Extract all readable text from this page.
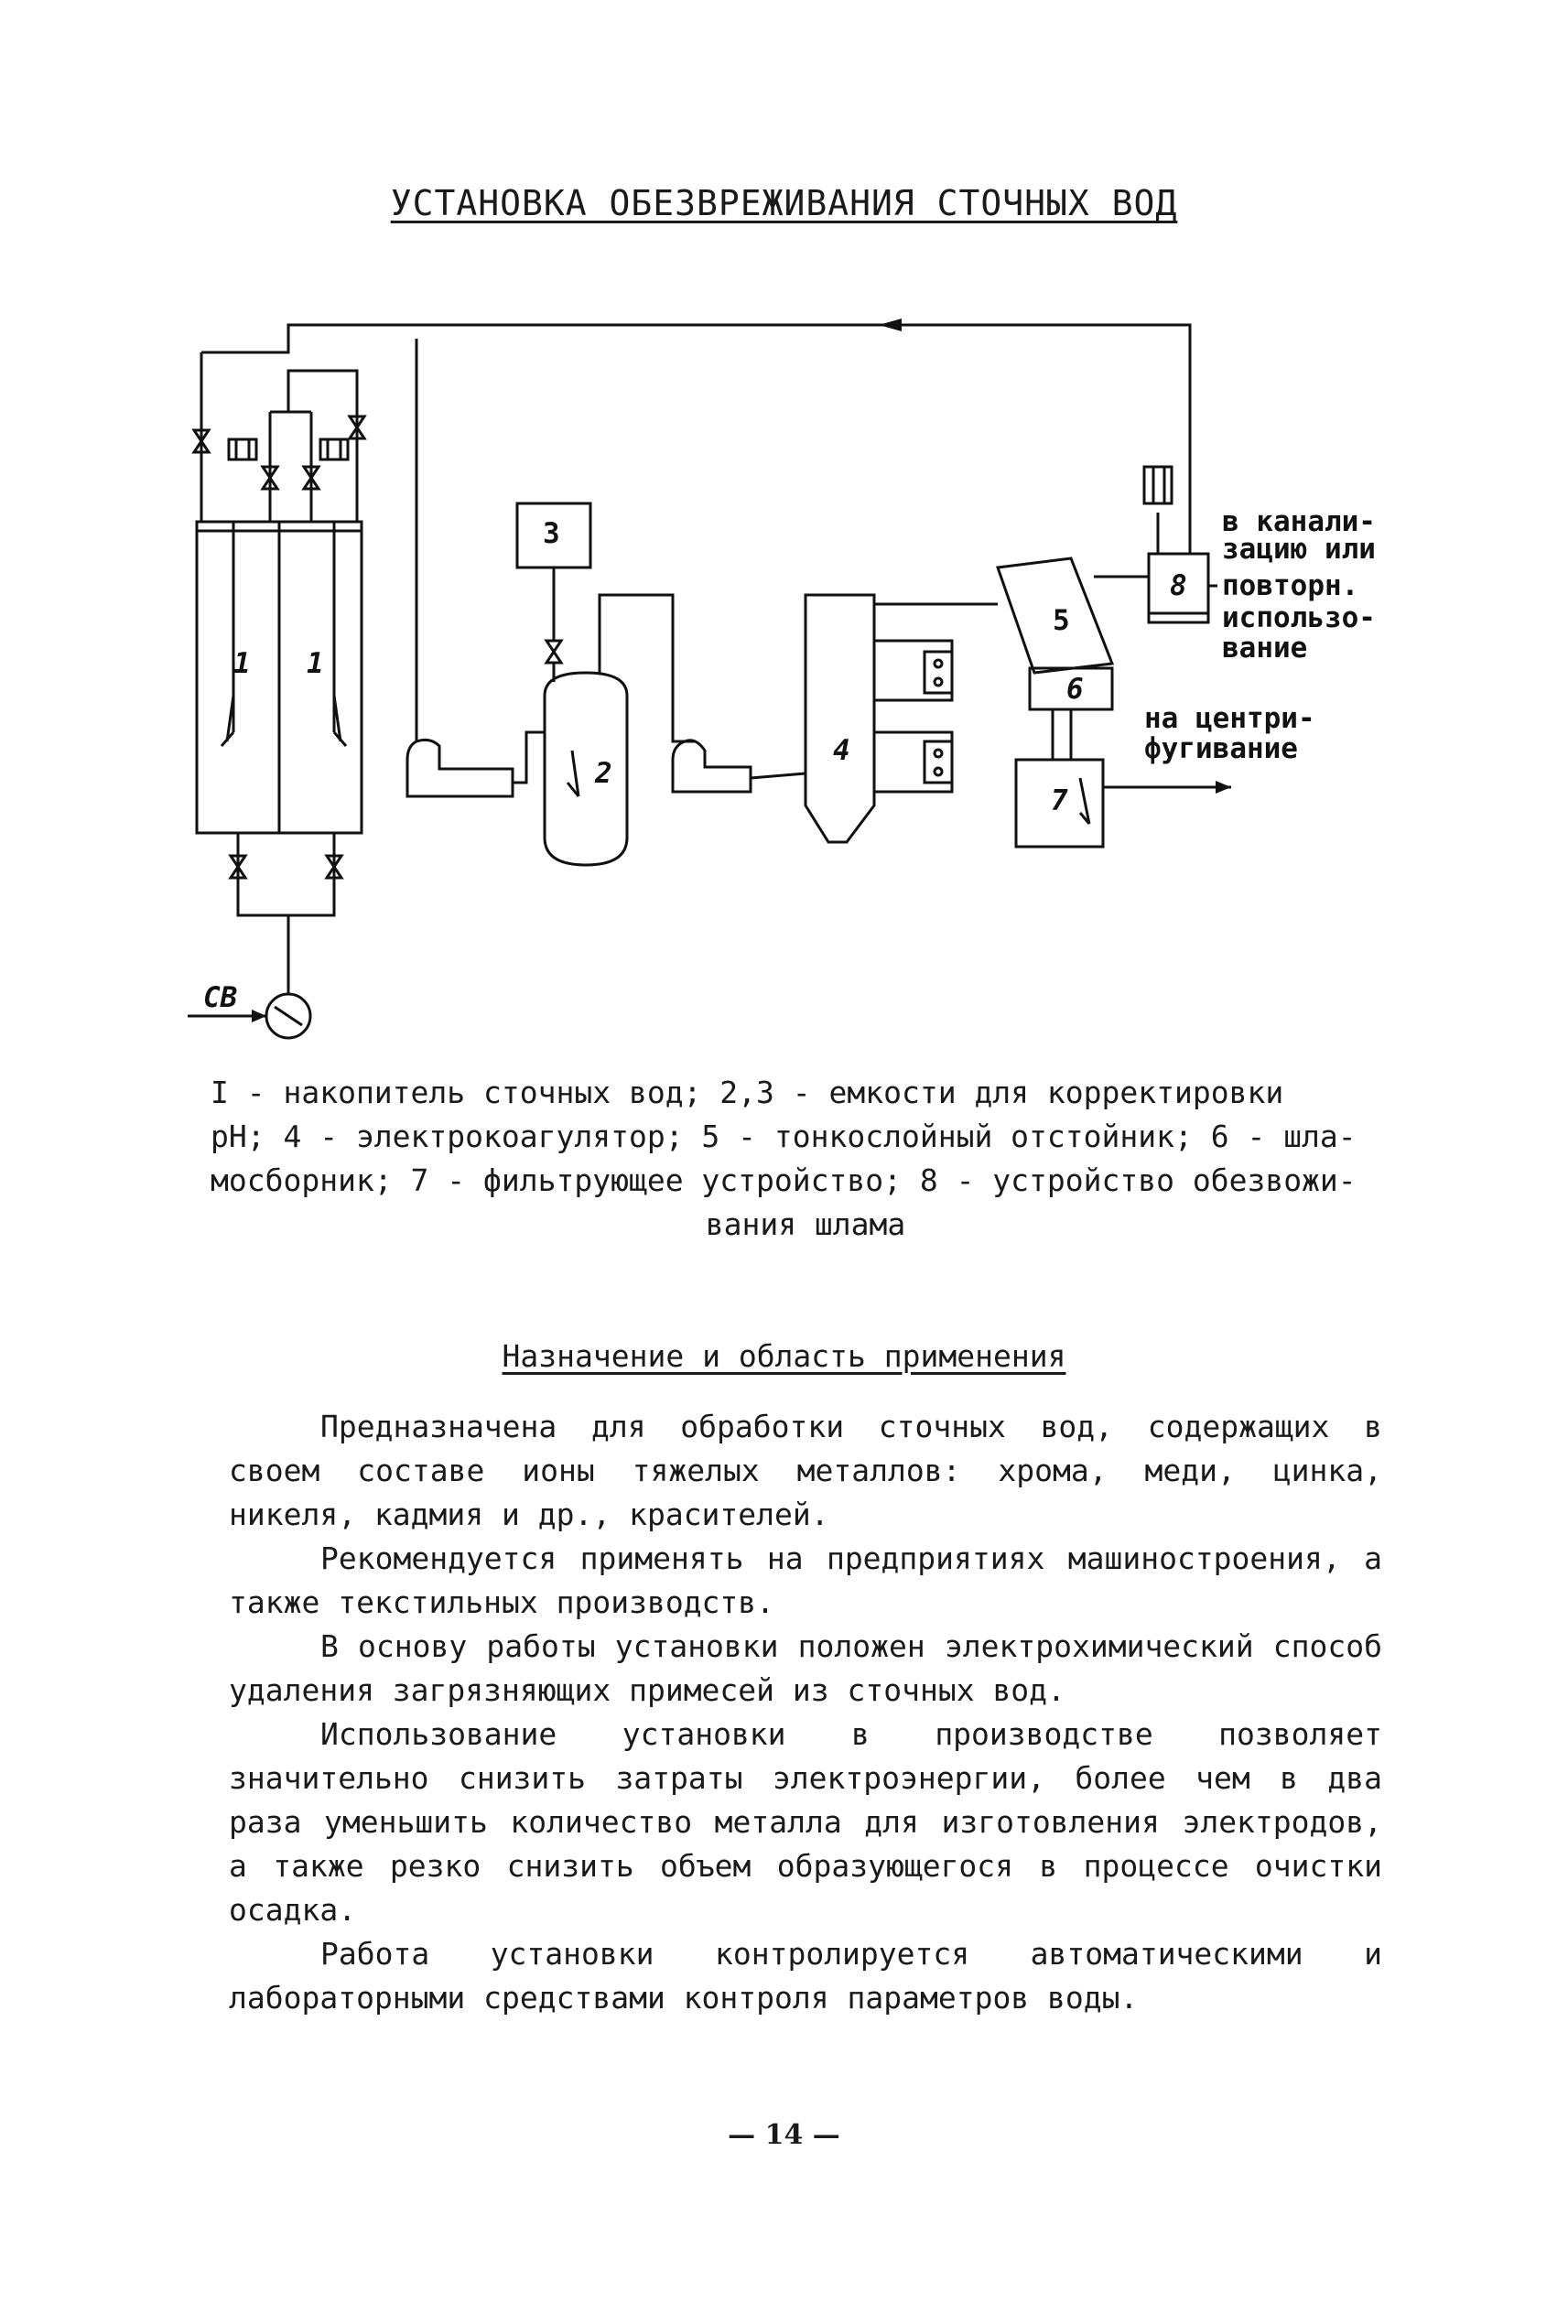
УСТАНОВКА ОБЕЗВРЕЖИВАНИЯ СТОЧНЫХ ВОД
1 1
2
3
4
5
6
7
8
СВ
в канали-
зацию или
повторн.
использо-
вание
на центри-
фугивание
I - накопитель сточных вод; 2,3 - емкости для корректировки
pH; 4 - электрокоагулятор; 5 - тонкослойный отстойник; 6 - шла-
мосборник; 7 - фильтрующее устройство; 8 - устройство обезвожи-
вания шлама
Назначение и область применения

Предназначена для обработки сточных вод, содержащих в своем составе ионы тяжелых металлов: хрома, меди, цинка, никеля, кадмия и др., красителей.

Рекомендуется применять на предприятиях машиностроения, а также текстильных производств.

В основу работы установки положен электрохимический способ удаления загрязняющих примесей из сточных вод.

Использование установки в производстве позволяет значительно снизить затраты электроэнергии, более чем в два раза уменьшить количество металла для изготовления электродов, а также резко снизить объем образующегося в процессе очистки осадка.

Работа установки контролируется автоматическими и лабораторными средствами контроля параметров воды.

— 14 —
